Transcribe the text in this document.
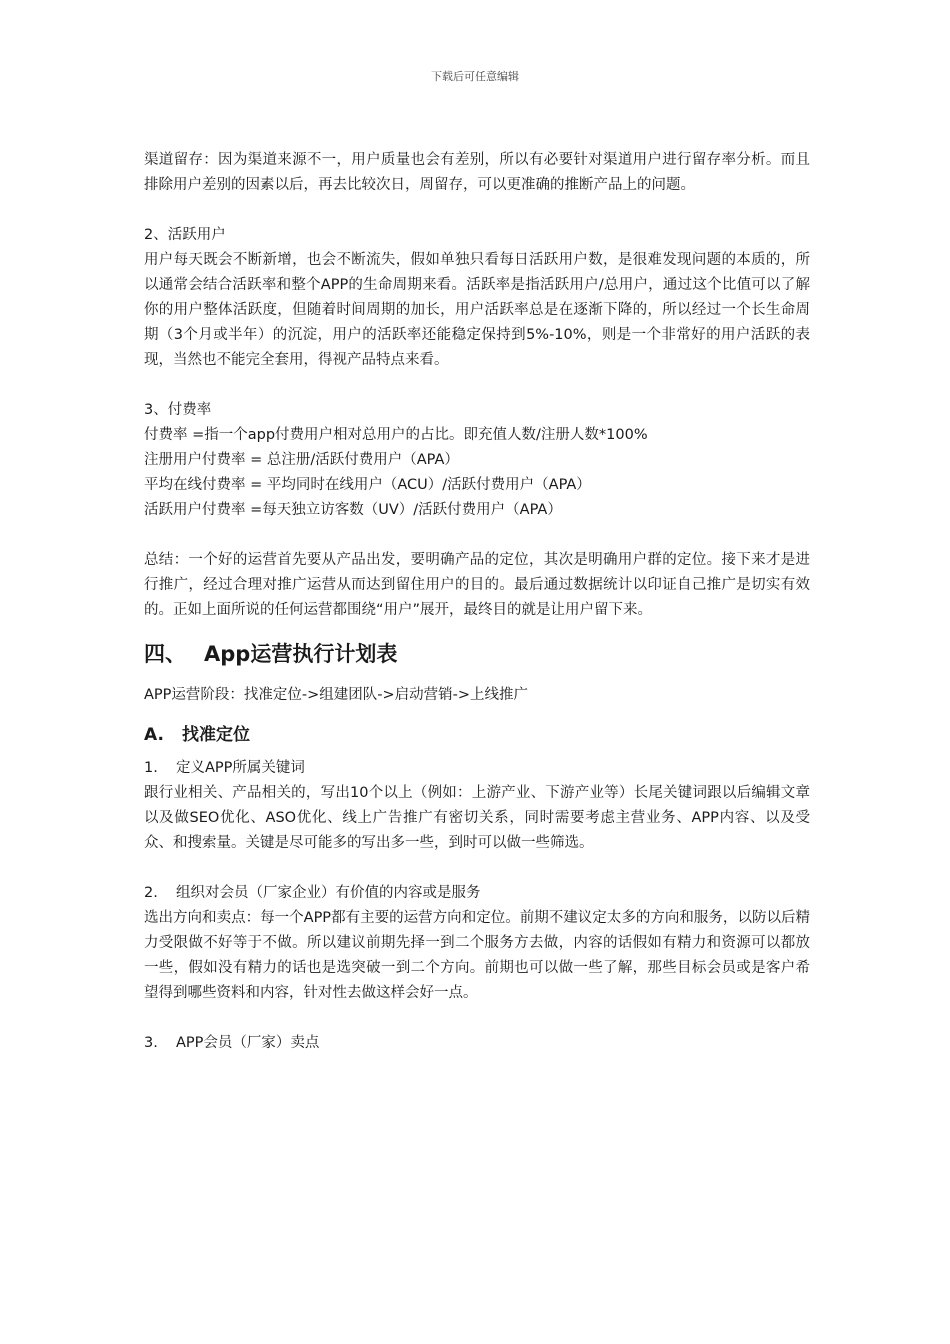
下载后可任意编辑

渠道留存：因为渠道来源不一，用户质量也会有差别，所以有必要针对渠道用户进行留存率分析。而且排除用户差别的因素以后，再去比较次日，周留存，可以更准确的推断产品上的问题。

2、活跃用户

用户每天既会不断新增，也会不断流失，假如单独只看每日活跃用户数，是很难发现问题的本质的，所以通常会结合活跃率和整个APP的生命周期来看。活跃率是指活跃用户/总用户，通过这个比值可以了解你的用户整体活跃度，但随着时间周期的加长，用户活跃率总是在逐渐下降的，所以经过一个长生命周期（3个月或半年）的沉淀，用户的活跃率还能稳定保持到5%-10%，则是一个非常好的用户活跃的表现，当然也不能完全套用，得视产品特点来看。

3、付费率

付费率 =指一个app付费用户相对总用户的占比。即充值人数/注册人数*100%

注册用户付费率 = 总注册/活跃付费用户（APA）

平均在线付费率 = 平均同时在线用户（ACU）/活跃付费用户（APA）

活跃用户付费率 =每天独立访客数（UV）/活跃付费用户（APA）

总结：一个好的运营首先要从产品出发，要明确产品的定位，其次是明确用户群的定位。接下来才是进行推广，经过合理对推广运营从而达到留住用户的目的。最后通过数据统计以印证自己推广是切实有效的。正如上面所说的任何运营都围绕“用户”展开，最终目的就是让用户留下来。

四、 App运营执行计划表

APP运营阶段：找准定位->组建团队->启动营销->上线推广

A. 找准定位

1. 定义APP所属关键词

跟行业相关、产品相关的，写出10个以上（例如：上游产业、下游产业等）长尾关键词跟以后编辑文章以及做SEO优化、ASO优化、线上广告推广有密切关系，同时需要考虑主营业务、APP内容、以及受众、和搜索量。关键是尽可能多的写出多一些，到时可以做一些筛选。

2. 组织对会员（厂家企业）有价值的内容或是服务

选出方向和卖点：每一个APP都有主要的运营方向和定位。前期不建议定太多的方向和服务，以防以后精力受限做不好等于不做。所以建议前期先择一到二个服务方去做，内容的话假如有精力和资源可以都放一些，假如没有精力的话也是选突破一到二个方向。前期也可以做一些了解，那些目标会员或是客户希望得到哪些资料和内容，针对性去做这样会好一点。

3. APP会员（厂家）卖点
